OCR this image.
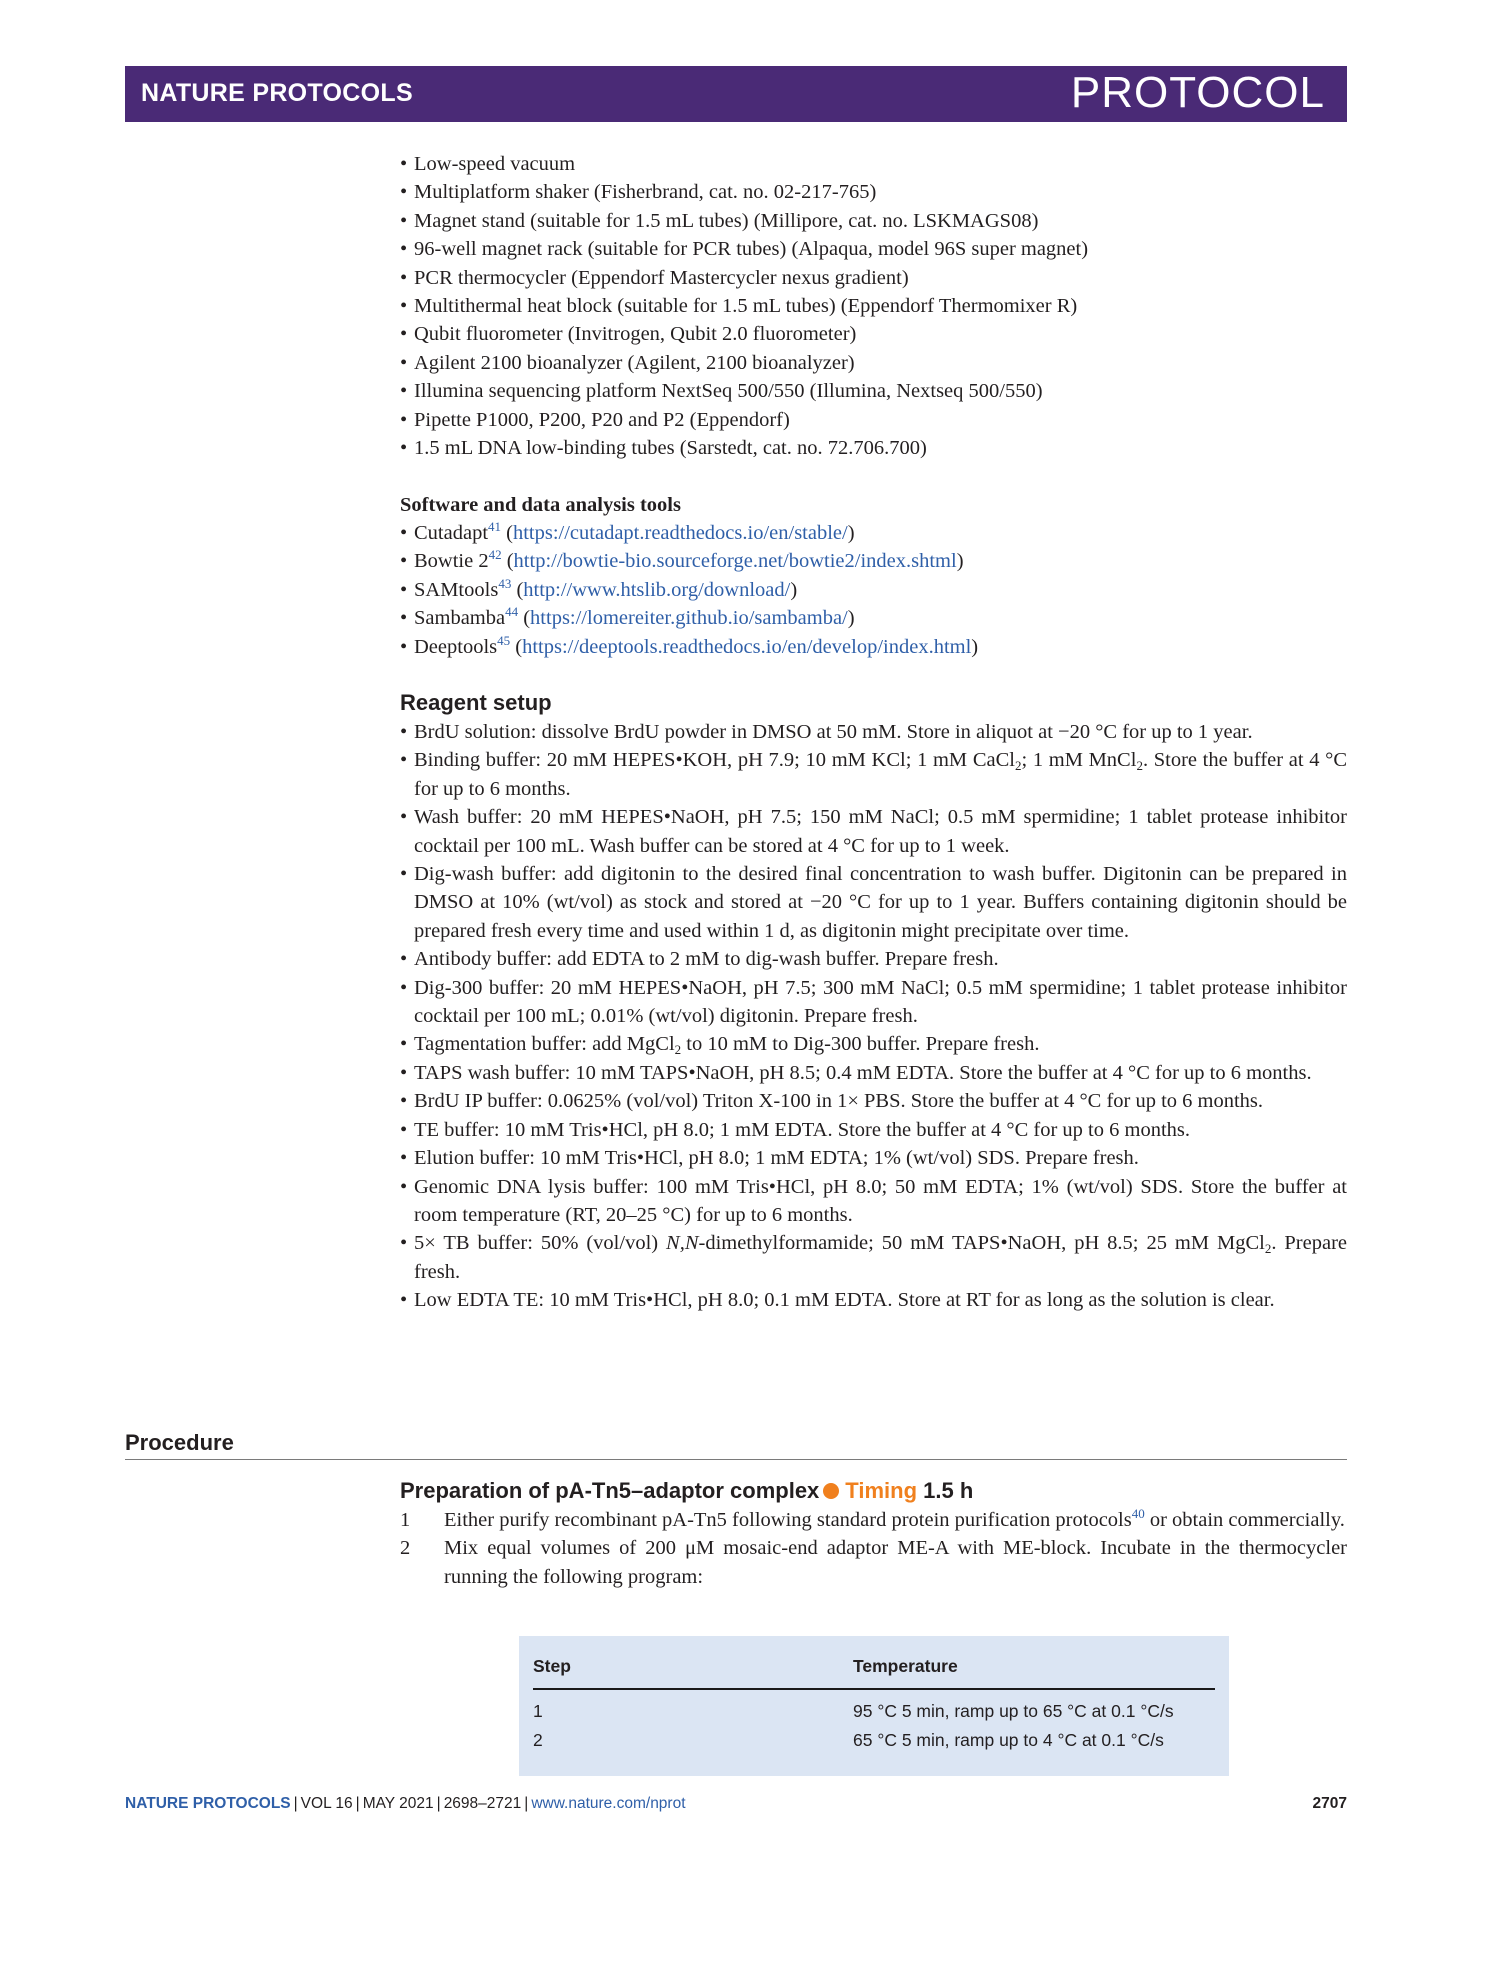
NATURE PROTOCOLS	PROTOCOL
• Low-speed vacuum
• Multiplatform shaker (Fisherbrand, cat. no. 02-217-765)
• Magnet stand (suitable for 1.5 mL tubes) (Millipore, cat. no. LSKMAGS08)
• 96-well magnet rack (suitable for PCR tubes) (Alpaqua, model 96S super magnet)
• PCR thermocycler (Eppendorf Mastercycler nexus gradient)
• Multithermal heat block (suitable for 1.5 mL tubes) (Eppendorf Thermomixer R)
• Qubit fluorometer (Invitrogen, Qubit 2.0 fluorometer)
• Agilent 2100 bioanalyzer (Agilent, 2100 bioanalyzer)
• Illumina sequencing platform NextSeq 500/550 (Illumina, Nextseq 500/550)
• Pipette P1000, P200, P20 and P2 (Eppendorf)
• 1.5 mL DNA low-binding tubes (Sarstedt, cat. no. 72.706.700)
Software and data analysis tools
• Cutadapt$^{41}$ (https://cutadapt.readthedocs.io/en/stable/)
• Bowtie 2$^{42}$ (http://bowtie-bio.sourceforge.net/bowtie2/index.shtml)
• SAMtools$^{43}$ (http://www.htslib.org/download/)
• Sambamba$^{44}$ (https://lomereiter.github.io/sambamba/)
• Deeptools$^{45}$ (https://deeptools.readthedocs.io/en/develop/index.html)
Reagent setup
• BrdU solution: dissolve BrdU powder in DMSO at 50 mM. Store in aliquot at −20 °C for up to 1 year.
• Binding buffer: 20 mM HEPES•KOH, pH 7.9; 10 mM KCl; 1 mM CaCl$_2$; 1 mM MnCl$_2$. Store the buffer at 4 °C for up to 6 months.
• Wash buffer: 20 mM HEPES•NaOH, pH 7.5; 150 mM NaCl; 0.5 mM spermidine; 1 tablet protease inhibitor cocktail per 100 mL. Wash buffer can be stored at 4 °C for up to 1 week.
• Dig-wash buffer: add digitonin to the desired final concentration to wash buffer. Digitonin can be prepared in DMSO at 10% (wt/vol) as stock and stored at −20 °C for up to 1 year. Buffers containing digitonin should be prepared fresh every time and used within 1 d, as digitonin might precipitate over time.
• Antibody buffer: add EDTA to 2 mM to dig-wash buffer. Prepare fresh.
• Dig-300 buffer: 20 mM HEPES•NaOH, pH 7.5; 300 mM NaCl; 0.5 mM spermidine; 1 tablet protease inhibitor cocktail per 100 mL; 0.01% (wt/vol) digitonin. Prepare fresh.
• Tagmentation buffer: add MgCl$_2$ to 10 mM to Dig-300 buffer. Prepare fresh.
• TAPS wash buffer: 10 mM TAPS•NaOH, pH 8.5; 0.4 mM EDTA. Store the buffer at 4 °C for up to 6 months.
• BrdU IP buffer: 0.0625% (vol/vol) Triton X-100 in 1× PBS. Store the buffer at 4 °C for up to 6 months.
• TE buffer: 10 mM Tris•HCl, pH 8.0; 1 mM EDTA. Store the buffer at 4 °C for up to 6 months.
• Elution buffer: 10 mM Tris•HCl, pH 8.0; 1 mM EDTA; 1% (wt/vol) SDS. Prepare fresh.
• Genomic DNA lysis buffer: 100 mM Tris•HCl, pH 8.0; 50 mM EDTA; 1% (wt/vol) SDS. Store the buffer at room temperature (RT, 20–25 °C) for up to 6 months.
• 5× TB buffer: 50% (vol/vol) N,N-dimethylformamide; 50 mM TAPS•NaOH, pH 8.5; 25 mM MgCl$_2$. Prepare fresh.
• Low EDTA TE: 10 mM Tris•HCl, pH 8.0; 0.1 mM EDTA. Store at RT for as long as the solution is clear.
Procedure
Preparation of pA-Tn5–adaptor complex Timing 1.5 h
1 Either purify recombinant pA-Tn5 following standard protein purification protocols$^{40}$ or obtain commercially.
2 Mix equal volumes of 200 μM mosaic-end adaptor ME-A with ME-block. Incubate in the thermocycler running the following program:
Step	Temperature
1	95 °C 5 min, ramp up to 65 °C at 0.1 °C/s
2	65 °C 5 min, ramp up to 4 °C at 0.1 °C/s
NATURE PROTOCOLS | VOL 16 | MAY 2021 | 2698–2721 | www.nature.com/nprot	2707
